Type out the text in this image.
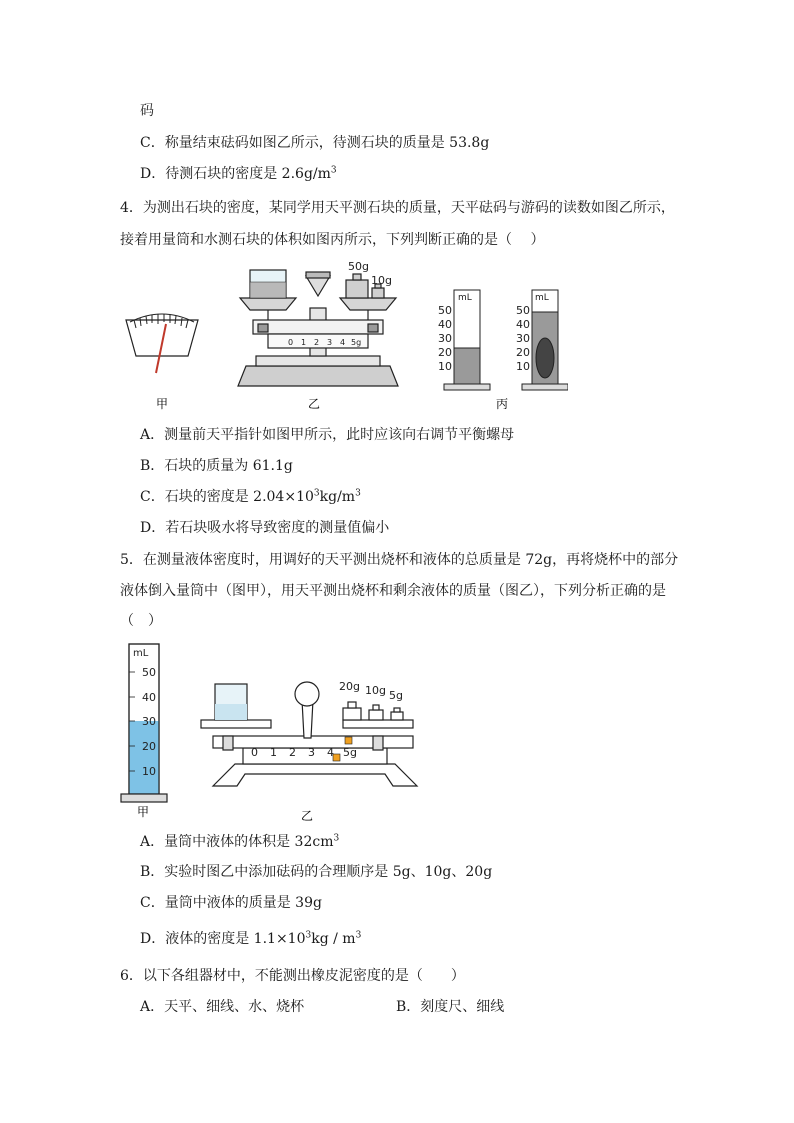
码
C．称量结束砝码如图乙所示，待测石块的质量是 53.8g
D．待测石块的密度是 $2.6g/m^3$
4．为测出石块的密度，某同学用天平测石块的质量，天平砝码与游码的读数如图乙所示，
接着用量筒和水测石块的体积如图丙所示，下列判断正确的是（　 ）
甲
0 1 2 3 4 5g
50g
10g
乙
mL
50
40
30
20
10
mL
50
40
30
20
10
丙
A．测量前天平指针如图甲所示，此时应该向右调节平衡螺母
B．石块的质量为 61.1g
C．石块的密度是 $2.04\times 10^3kg/m^3$
D．若石块吸水将导致密度的测量值偏小
5．在测量液体密度时，用调好的天平测出烧杯和液体的总质量是 72g，再将烧杯中的部分
液体倒入量筒中（图甲），用天平测出烧杯和剩余液体的质量（图乙），下列分析正确的是
（　）
mL
50
40
30
20
10
甲
0 1 2 3 4 5g
20g 10g 5g
乙
A．量筒中液体的体积是 $32cm^3$
B．实验时图乙中添加砝码的合理顺序是 5g、10g、20g
C．量筒中液体的质量是 39g
D．液体的密度是 $1.1\times 10^3kg / m^3$
6．以下各组器材中，不能测出橡皮泥密度的是（　　）
A．天平、细线、水、烧杯	B．刻度尺、细线
